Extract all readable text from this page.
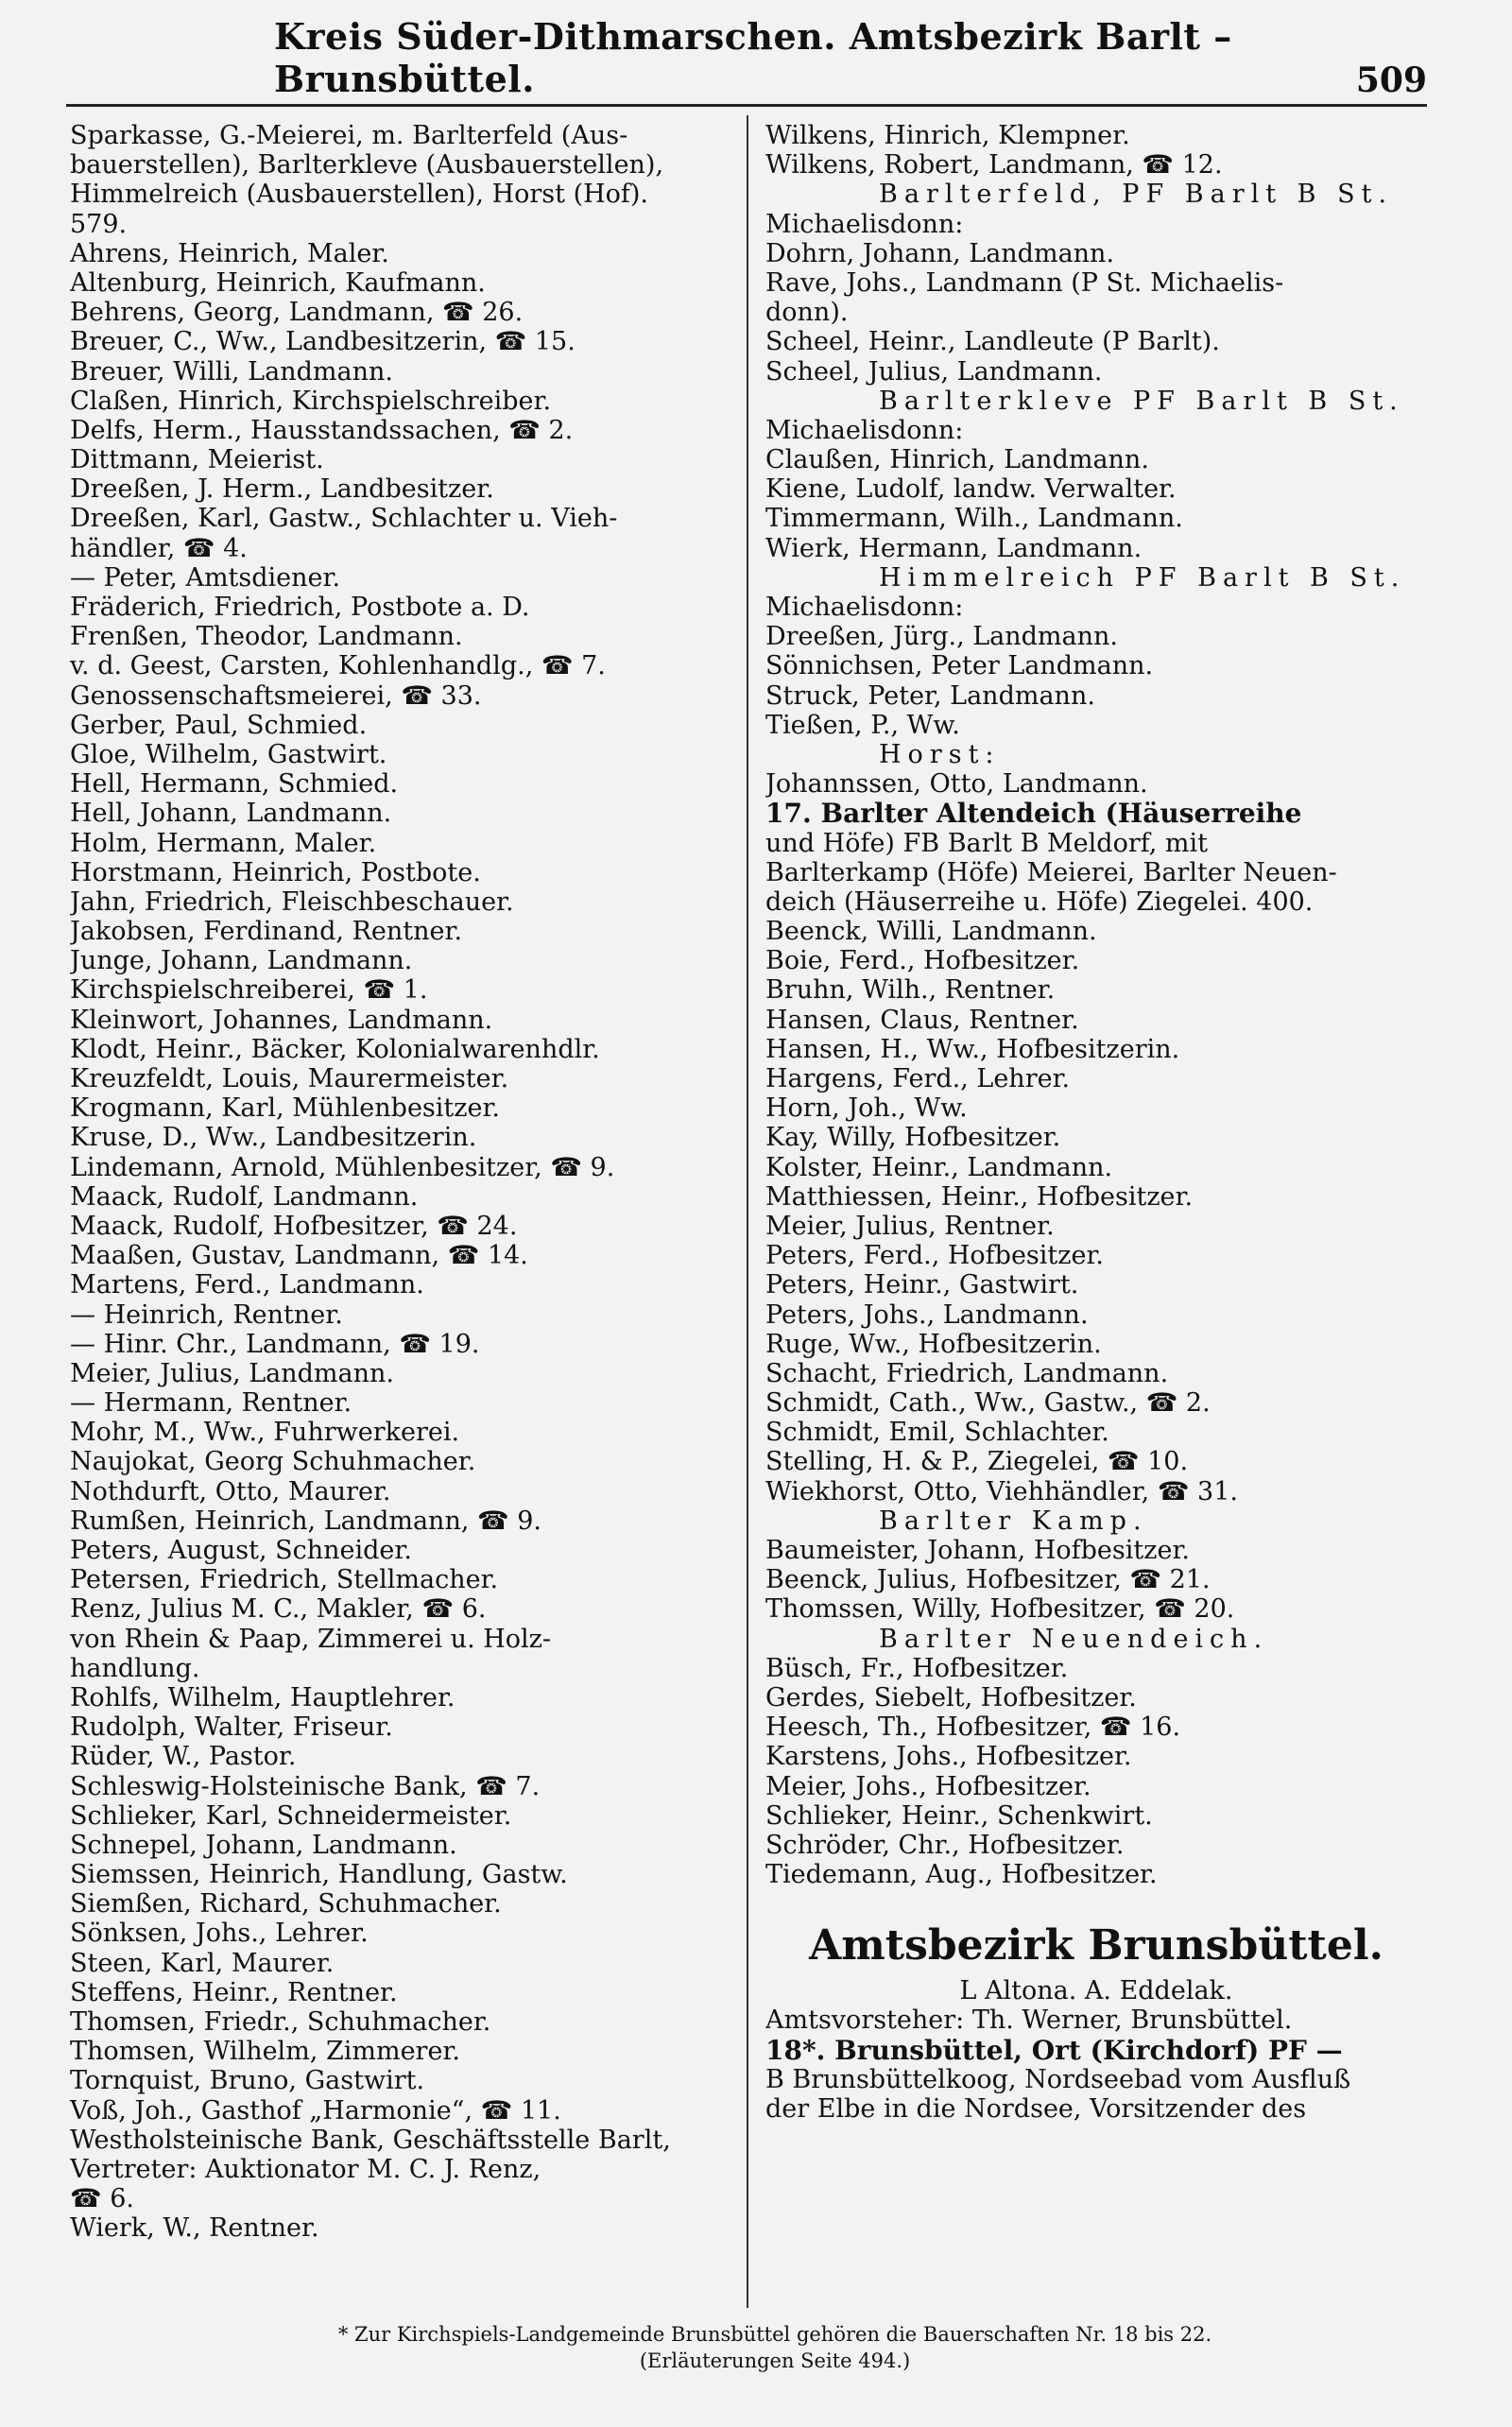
Kreis Süder-Dithmarschen. Amtsbezirk Barlt – Brunsbüttel.	509
Sparkasse, G.-Meierei, m. Barlterfeld (Aus-
bauerstellen), Barlterkleve (Ausbauerstellen),
Himmelreich (Ausbauerstellen), Horst (Hof).
579.
Ahrens, Heinrich, Maler.
Altenburg, Heinrich, Kaufmann.
Behrens, Georg, Landmann, ☎ 26.
Breuer, C., Ww., Landbesitzerin, ☎ 15.
Breuer, Willi, Landmann.
Claßen, Hinrich, Kirchspielschreiber.
Delfs, Herm., Hausstandssachen, ☎ 2.
Dittmann, Meierist.
Dreeßen, J. Herm., Landbesitzer.
Dreeßen, Karl, Gastw., Schlachter u. Vieh-
händler, ☎ 4.
— Peter, Amtsdiener.
Fräderich, Friedrich, Postbote a. D.
Frenßen, Theodor, Landmann.
v. d. Geest, Carsten, Kohlenhandlg., ☎ 7.
Genossenschaftsmeierei, ☎ 33.
Gerber, Paul, Schmied.
Gloe, Wilhelm, Gastwirt.
Hell, Hermann, Schmied.
Hell, Johann, Landmann.
Holm, Hermann, Maler.
Horstmann, Heinrich, Postbote.
Jahn, Friedrich, Fleischbeschauer.
Jakobsen, Ferdinand, Rentner.
Junge, Johann, Landmann.
Kirchspielschreiberei, ☎ 1.
Kleinwort, Johannes, Landmann.
Klodt, Heinr., Bäcker, Kolonialwarenhdlr.
Kreuzfeldt, Louis, Maurermeister.
Krogmann, Karl, Mühlenbesitzer.
Kruse, D., Ww., Landbesitzerin.
Lindemann, Arnold, Mühlenbesitzer, ☎ 9.
Maack, Rudolf, Landmann.
Maack, Rudolf, Hofbesitzer, ☎ 24.
Maaßen, Gustav, Landmann, ☎ 14.
Martens, Ferd., Landmann.
— Heinrich, Rentner.
— Hinr. Chr., Landmann, ☎ 19.
Meier, Julius, Landmann.
— Hermann, Rentner.
Mohr, M., Ww., Fuhrwerkerei.
Naujokat, Georg Schuhmacher.
Nothdurft, Otto, Maurer.
Rumßen, Heinrich, Landmann, ☎ 9.
Peters, August, Schneider.
Petersen, Friedrich, Stellmacher.
Renz, Julius M. C., Makler, ☎ 6.
von Rhein & Paap, Zimmerei u. Holz-
handlung.
Rohlfs, Wilhelm, Hauptlehrer.
Rudolph, Walter, Friseur.
Rüder, W., Pastor.
Schleswig-Holsteinische Bank, ☎ 7.
Schlieker, Karl, Schneidermeister.
Schnepel, Johann, Landmann.
Siemssen, Heinrich, Handlung, Gastw.
Siemßen, Richard, Schuhmacher.
Sönksen, Johs., Lehrer.
Steen, Karl, Maurer.
Steffens, Heinr., Rentner.
Thomsen, Friedr., Schuhmacher.
Thomsen, Wilhelm, Zimmerer.
Tornquist, Bruno, Gastwirt.
Voß, Joh., Gasthof „Harmonie“, ☎ 11.
Westholsteinische Bank, Geschäftsstelle Barlt,
Vertreter: Auktionator M. C. J. Renz,
☎ 6.
Wierk, W., Rentner.
Wilkens, Hinrich, Klempner.
Wilkens, Robert, Landmann, ☎ 12.
Barlterfeld, PF Barlt B St.
Michaelisdonn:
Dohrn, Johann, Landmann.
Rave, Johs., Landmann (P St. Michaelis-
donn).
Scheel, Heinr., Landleute (P Barlt).
Scheel, Julius, Landmann.
Barlterkleve PF Barlt B St.
Michaelisdonn:
Claußen, Hinrich, Landmann.
Kiene, Ludolf, landw. Verwalter.
Timmermann, Wilh., Landmann.
Wierk, Hermann, Landmann.
Himmelreich PF Barlt B St.
Michaelisdonn:
Dreeßen, Jürg., Landmann.
Sönnichsen, Peter Landmann.
Struck, Peter, Landmann.
Tießen, P., Ww.
Horst:
Johannssen, Otto, Landmann.
17. Barlter Altendeich (Häuserreihe
und Höfe) FB Barlt B Meldorf, mit
Barlterkamp (Höfe) Meierei, Barlter Neuen-
deich (Häuserreihe u. Höfe) Ziegelei. 400.
Beenck, Willi, Landmann.
Boie, Ferd., Hofbesitzer.
Bruhn, Wilh., Rentner.
Hansen, Claus, Rentner.
Hansen, H., Ww., Hofbesitzerin.
Hargens, Ferd., Lehrer.
Horn, Joh., Ww.
Kay, Willy, Hofbesitzer.
Kolster, Heinr., Landmann.
Matthiessen, Heinr., Hofbesitzer.
Meier, Julius, Rentner.
Peters, Ferd., Hofbesitzer.
Peters, Heinr., Gastwirt.
Peters, Johs., Landmann.
Ruge, Ww., Hofbesitzerin.
Schacht, Friedrich, Landmann.
Schmidt, Cath., Ww., Gastw., ☎ 2.
Schmidt, Emil, Schlachter.
Stelling, H. & P., Ziegelei, ☎ 10.
Wiekhorst, Otto, Viehhändler, ☎ 31.
Barlter Kamp.
Baumeister, Johann, Hofbesitzer.
Beenck, Julius, Hofbesitzer, ☎ 21.
Thomssen, Willy, Hofbesitzer, ☎ 20.
Barlter Neuendeich.
Büsch, Fr., Hofbesitzer.
Gerdes, Siebelt, Hofbesitzer.
Heesch, Th., Hofbesitzer, ☎ 16.
Karstens, Johs., Hofbesitzer.
Meier, Johs., Hofbesitzer.
Schlieker, Heinr., Schenkwirt.
Schröder, Chr., Hofbesitzer.
Tiedemann, Aug., Hofbesitzer.
Amtsbezirk Brunsbüttel.
L Altona. A. Eddelak.
Amtsvorsteher: Th. Werner, Brunsbüttel.
18*. Brunsbüttel, Ort (Kirchdorf) PF —
B Brunsbüttelkoog, Nordseebad vom Ausfluß
der Elbe in die Nordsee, Vorsitzender des
* Zur Kirchspiels-Landgemeinde Brunsbüttel gehören die Bauerschaften Nr. 18 bis 22.
(Erläuterungen Seite 494.)
